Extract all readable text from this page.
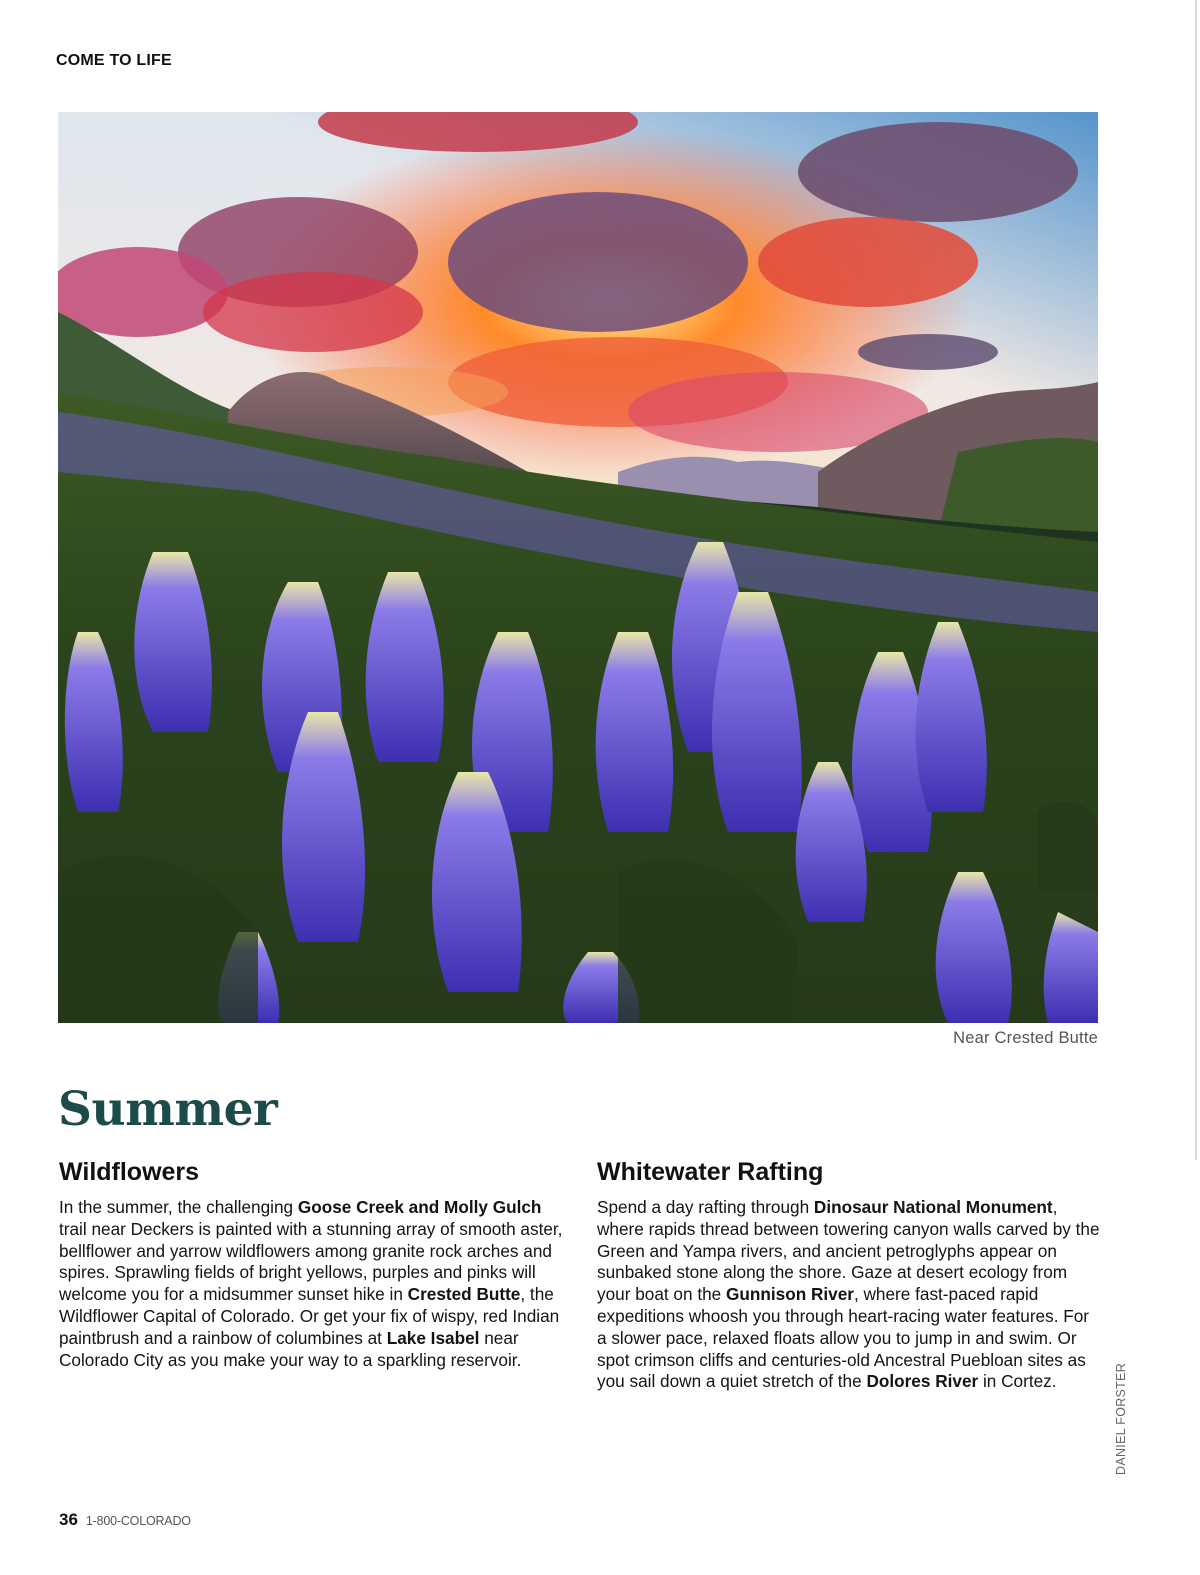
COME TO LIFE

Near Crested Butte

Summer
Wildflowers

In the summer, the challenging Goose Creek and Molly Gulch trail near Deckers is painted with a stunning array of smooth aster, bellflower and yarrow wildflowers among granite rock arches and spires. Sprawling fields of bright yellows, purples and pinks will welcome you for a midsummer sunset hike in Crested Butte, the Wildflower Capital of Colorado. Or get your fix of wispy, red Indian paintbrush and a rainbow of columbines at Lake Isabel near Colorado City as you make your way to a sparkling reservoir.

Whitewater Rafting

Spend a day rafting through Dinosaur National Monument, where rapids thread between towering canyon walls carved by the Green and Yampa rivers, and ancient petroglyphs appear on sunbaked stone along the shore. Gaze at desert ecology from your boat on the Gunnison River, where fast-paced rapid expeditions whoosh you through heart-racing water features. For a slower pace, relaxed floats allow you to jump in and swim. Or spot crimson cliffs and centuries-old Ancestral Puebloan sites as you sail down a quiet stretch of the Dolores River in Cortez.	DANIEL FORSTER

36 1-800-COLORADO
